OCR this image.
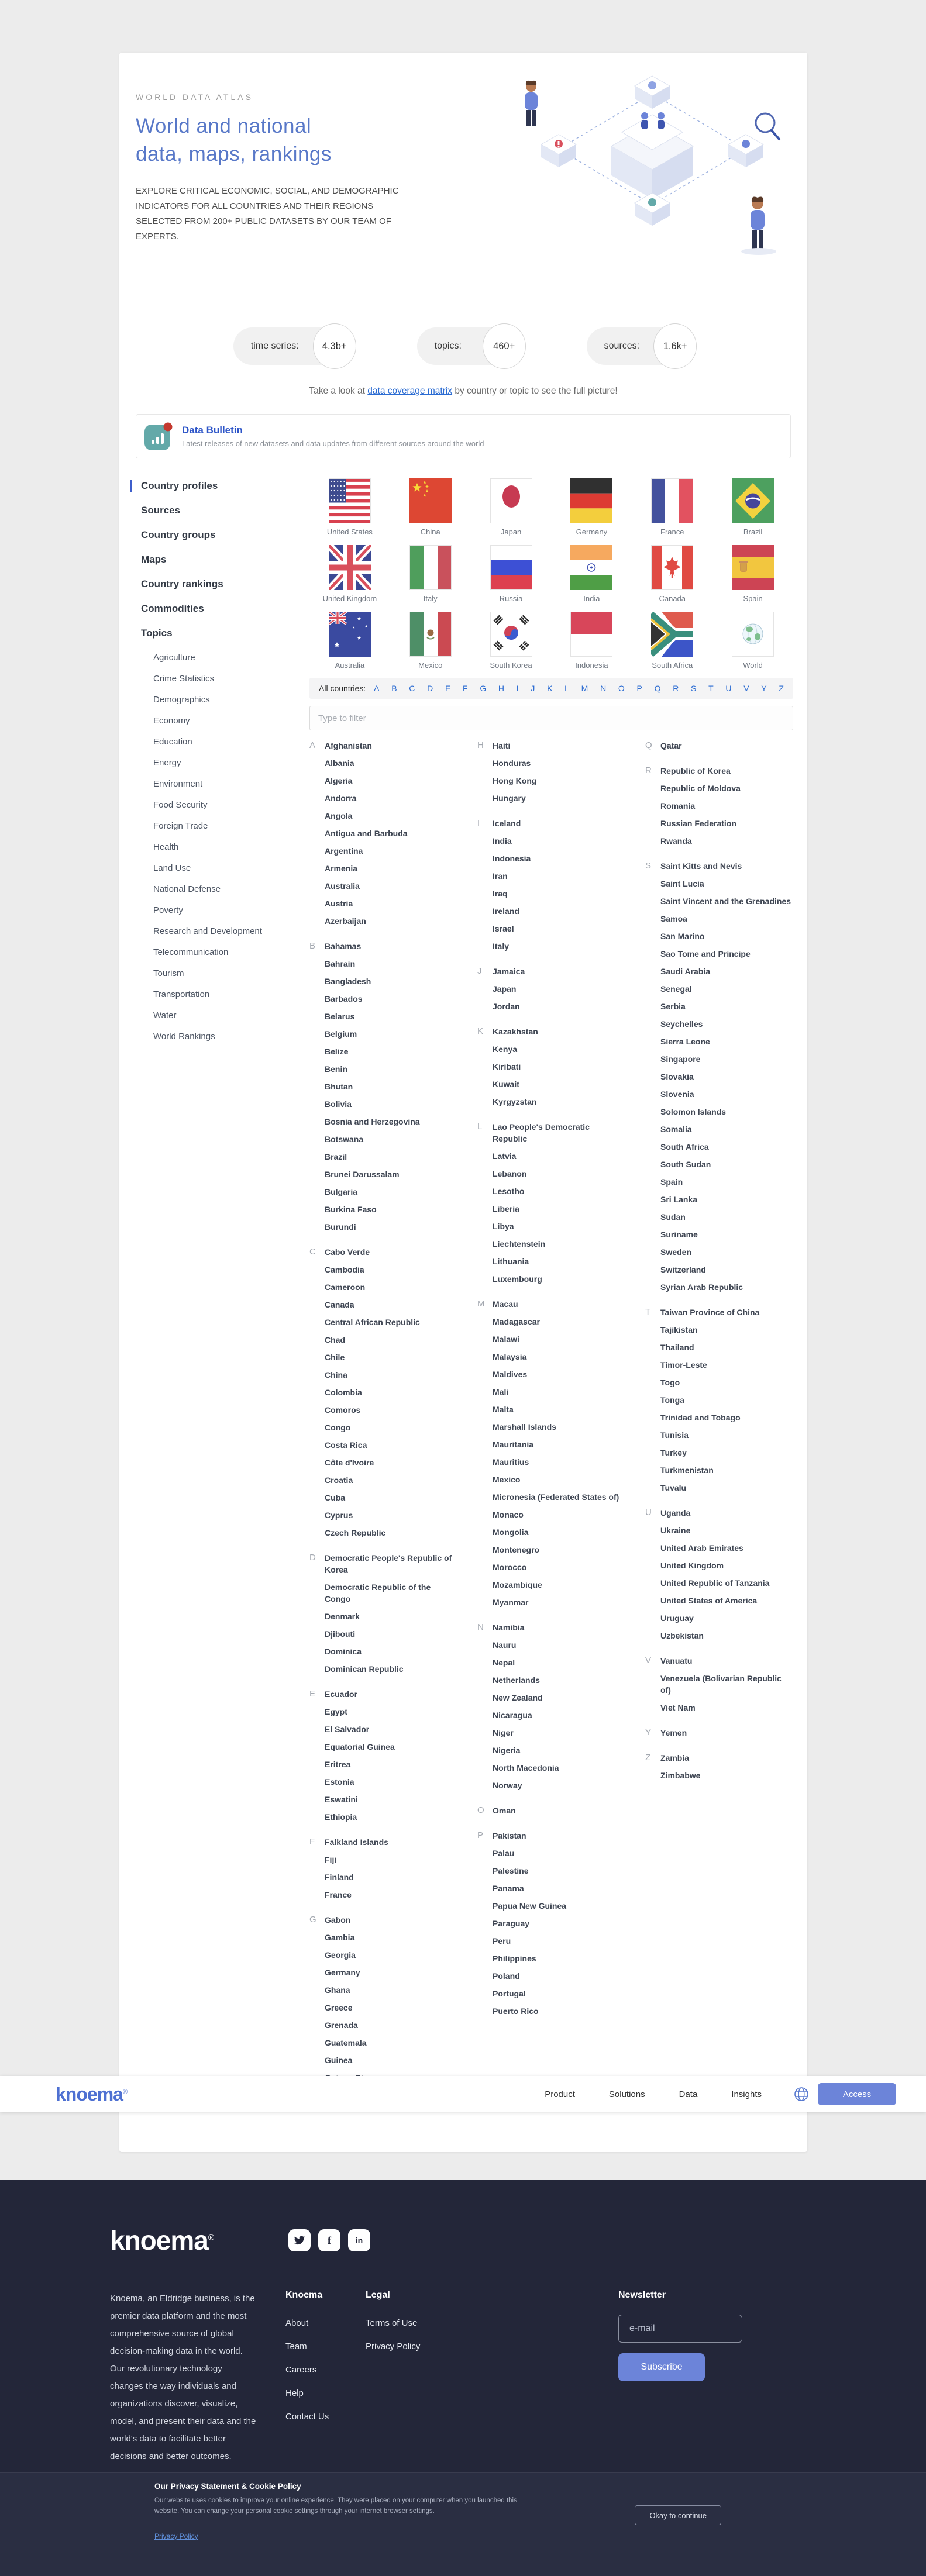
WORLD DATA ATLAS
World and national
data, maps, rankings
EXPLORE CRITICAL ECONOMIC, SOCIAL, AND DEMOGRAPHIC INDICATORS FOR ALL COUNTRIES AND THEIR REGIONS SELECTED FROM 200+ PUBLIC DATASETS BY OUR TEAM OF EXPERTS.
time series:	4.3b+	topics:	460+	sources:	1.6k+
Take a look at data coverage matrix by country or topic to see the full picture!
Data Bulletin
Latest releases of new datasets and data updates from different sources around the world
Country profiles
Sources
Country groups
Maps
Country rankings
Commodities
Topics
Agriculture
Crime Statistics
Demographics
Economy
Education
Energy
Environment
Food Security
Foreign Trade
Health
Land Use
National Defense
Poverty
Research and Development
Telecommunication
Tourism
Transportation
Water
World Rankings
United States	China	Japan	Germany	France	Brazil
United Kingdom	Italy	Russia	India	Canada	Spain
Australia	Mexico	South Korea	Indonesia	South Africa	World
All countries: A B C D E F G H I J K L M N O P Q R S T U V Y Z
Type to filter
A	Afghanistan
Albania
Algeria
Andorra
Angola
Antigua and Barbuda
Argentina
Armenia
Australia
Austria
Azerbaijan
B	Bahamas
Bahrain
Bangladesh
Barbados
Belarus
Belgium
Belize
Benin
Bhutan
Bolivia
Bosnia and Herzegovina
Botswana
Brazil
Brunei Darussalam
Bulgaria
Burkina Faso
Burundi
C	Cabo Verde
Cambodia
Cameroon
Canada
Central African Republic
Chad
Chile
China
Colombia
Comoros
Congo
Costa Rica
Côte d'Ivoire
Croatia
Cuba
Cyprus
Czech Republic
D	Democratic People's Republic of Korea
Democratic Republic of the Congo
Denmark
Djibouti
Dominica
Dominican Republic
E	Ecuador
Egypt
El Salvador
Equatorial Guinea
Eritrea
Estonia
Eswatini
Ethiopia
F	Falkland Islands
Fiji
Finland
France
G	Gabon
Gambia
Georgia
Germany
Ghana
Greece
Grenada
Guatemala
Guinea
H	Haiti
Honduras
Hong Kong
Hungary
I	Iceland
India
Indonesia
Iran
Iraq
Ireland
Israel
Italy
J	Jamaica
Japan
Jordan
K	Kazakhstan
Kenya
Kiribati
Kuwait
Kyrgyzstan
L	Lao People's Democratic Republic
Latvia
Lebanon
Lesotho
Liberia
Libya
Liechtenstein
Lithuania
Luxembourg
M Macau
Madagascar
Malawi
Malaysia
Maldives
Mali
Malta
Marshall Islands
Mauritania
Mauritius
Mexico
Micronesia (Federated States of)
Monaco
Mongolia
Montenegro
Morocco
Mozambique
Myanmar
N	Namibia
Nauru
Nepal
Netherlands
New Zealand
Nicaragua
Niger
Nigeria
North Macedonia
Norway
O	Oman
P	Pakistan
Palau
Palestine
Panama
Papua New Guinea
Paraguay
Peru
Philippines
Poland
Portugal
Puerto Rico
Q	Qatar
R	Republic of Korea
Republic of Moldova
Romania
Russian Federation
Rwanda
S	Saint Kitts and Nevis
Saint Lucia
Saint Vincent and the Grenadines
Samoa
San Marino
Sao Tome and Principe
Saudi Arabia
Senegal
Serbia
Seychelles
Sierra Leone
Singapore
Slovakia
Slovenia
Solomon Islands
Somalia
South Africa
South Sudan
Spain
Sri Lanka
Sudan
Suriname
Sweden
Switzerland
Syrian Arab Republic
T	Taiwan Province of China
Tajikistan
Thailand
Timor-Leste
Togo
Tonga
Trinidad and Tobago
Tunisia
Turkey
Turkmenistan
Tuvalu
U	Uganda
Ukraine
United Arab Emirates
United Kingdom
United Republic of Tanzania
United States of America
Uruguay
Uzbekistan
V	Vanuatu
Venezuela (Bolivarian Republic of)
Viet Nam
Y	Yemen
Z	Zambia
Zimbabwe
knoema®	Product	Solutions	Data	Insights	Access
knoema®	f	in
Knoema, an Eldridge business, is the premier data platform and the most comprehensive source of global decision-making data in the world. Our revolutionary technology changes the way individuals and organizations discover, visualize, model, and present their data and the world's data to facilitate better decisions and better outcomes.
Knoema
About
Team
Careers
Help
Contact Us
Legal
Terms of Use
Privacy Policy
Newsletter
e-mail Subscribe
Our Privacy Statement & Cookie Policy
Our website uses cookies to improve your online experience. They were placed on your computer when you launched this website. You can change your personal cookie settings through your internet browser settings.
Privacy Policy
Okay to continue
